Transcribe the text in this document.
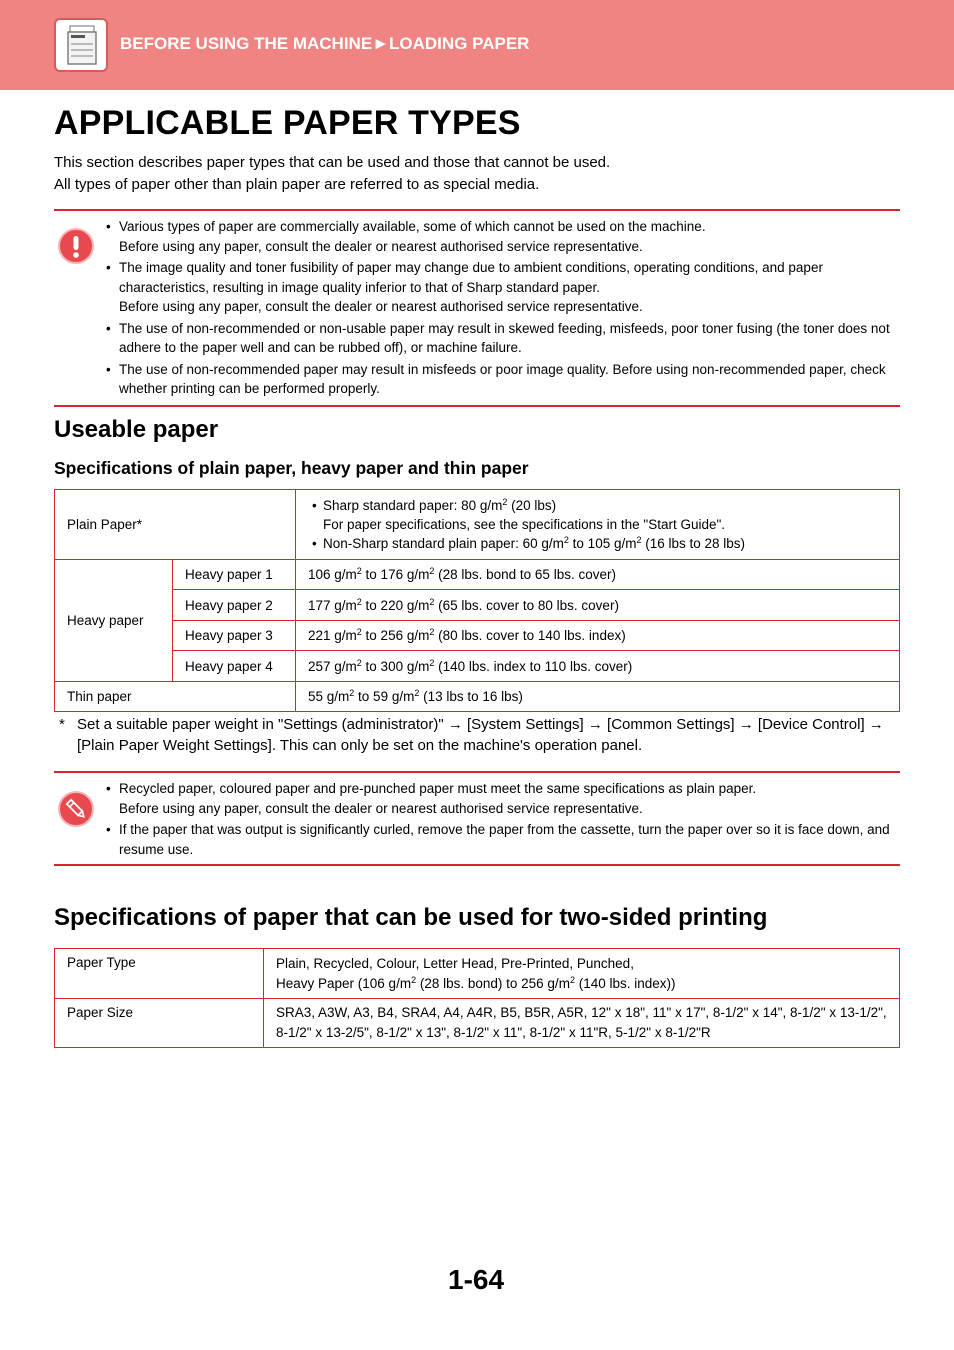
BEFORE USING THE MACHINE►LOADING PAPER
APPLICABLE PAPER TYPES
This section describes paper types that can be used and those that cannot be used.
All types of paper other than plain paper are referred to as special media.
• Various types of paper are commercially available, some of which cannot be used on the machine.
Before using any paper, consult the dealer or nearest authorised service representative.
• The image quality and toner fusibility of paper may change due to ambient conditions, operating conditions, and paper characteristics, resulting in image quality inferior to that of Sharp standard paper.
Before using any paper, consult the dealer or nearest authorised service representative.
• The use of non-recommended or non-usable paper may result in skewed feeding, misfeeds, poor toner fusing (the toner does not adhere to the paper well and can be rubbed off), or machine failure.
• The use of non-recommended paper may result in misfeeds or poor image quality. Before using non-recommended paper, check whether printing can be performed properly.
Useable paper
Specifications of plain paper, heavy paper and thin paper
Plain Paper*		• Sharp standard paper: 80 $g/m^2$ (20 lbs)
For paper specifications, see the specifications in the "Start Guide".
• Non-Sharp standard plain paper: 60 $g/m^2$ to 105 $g/m^2$ (16 lbs to 28 lbs)

Heavy paper	Heavy paper 1	106 $g/m^2$ to 176 $g/m^2$ (28 lbs. bond to 65 lbs. cover)
	Heavy paper 2	177 $g/m^2$ to 220 $g/m^2$ (65 lbs. cover to 80 lbs. cover)
	Heavy paper 3	221 $g/m^2$ to 256 $g/m^2$ (80 lbs. cover to 140 lbs. index)
	Heavy paper 4	257 $g/m^2$ to 300 $g/m^2$ (140 lbs. index to 110 lbs. cover)
Thin paper		55 $g/m^2$ to 59 $g/m^2$ (13 lbs to 16 lbs)
* Set a suitable paper weight in "Settings (administrator)" → [System Settings] → [Common Settings] → [Device Control] → [Plain Paper Weight Settings]. This can only be set on the machine's operation panel.
• Recycled paper, coloured paper and pre-punched paper must meet the same specifications as plain paper.
Before using any paper, consult the dealer or nearest authorised service representative.
• If the paper that was output is significantly curled, remove the paper from the cassette, turn the paper over so it is face down, and resume use.
Specifications of paper that can be used for two-sided printing
Paper Type	Plain, Recycled, Colour, Letter Head, Pre-Printed, Punched,
Heavy Paper (106 $g/m^2$ (28 lbs. bond) to 256 $g/m^2$ (140 lbs. index))

Paper Size	SRA3, A3W, A3, B4, SRA4, A4, A4R, B5, B5R, A5R, 12" x 18", 11" x 17", 8-1/2" x 14", 8-1/2" x 13-1/2", 8-1/2" x 13-2/5", 8-1/2" x 13", 8-1/2" x 11", 8-1/2" x 11"R, 5-1/2" x 8-1/2"R
1-64
